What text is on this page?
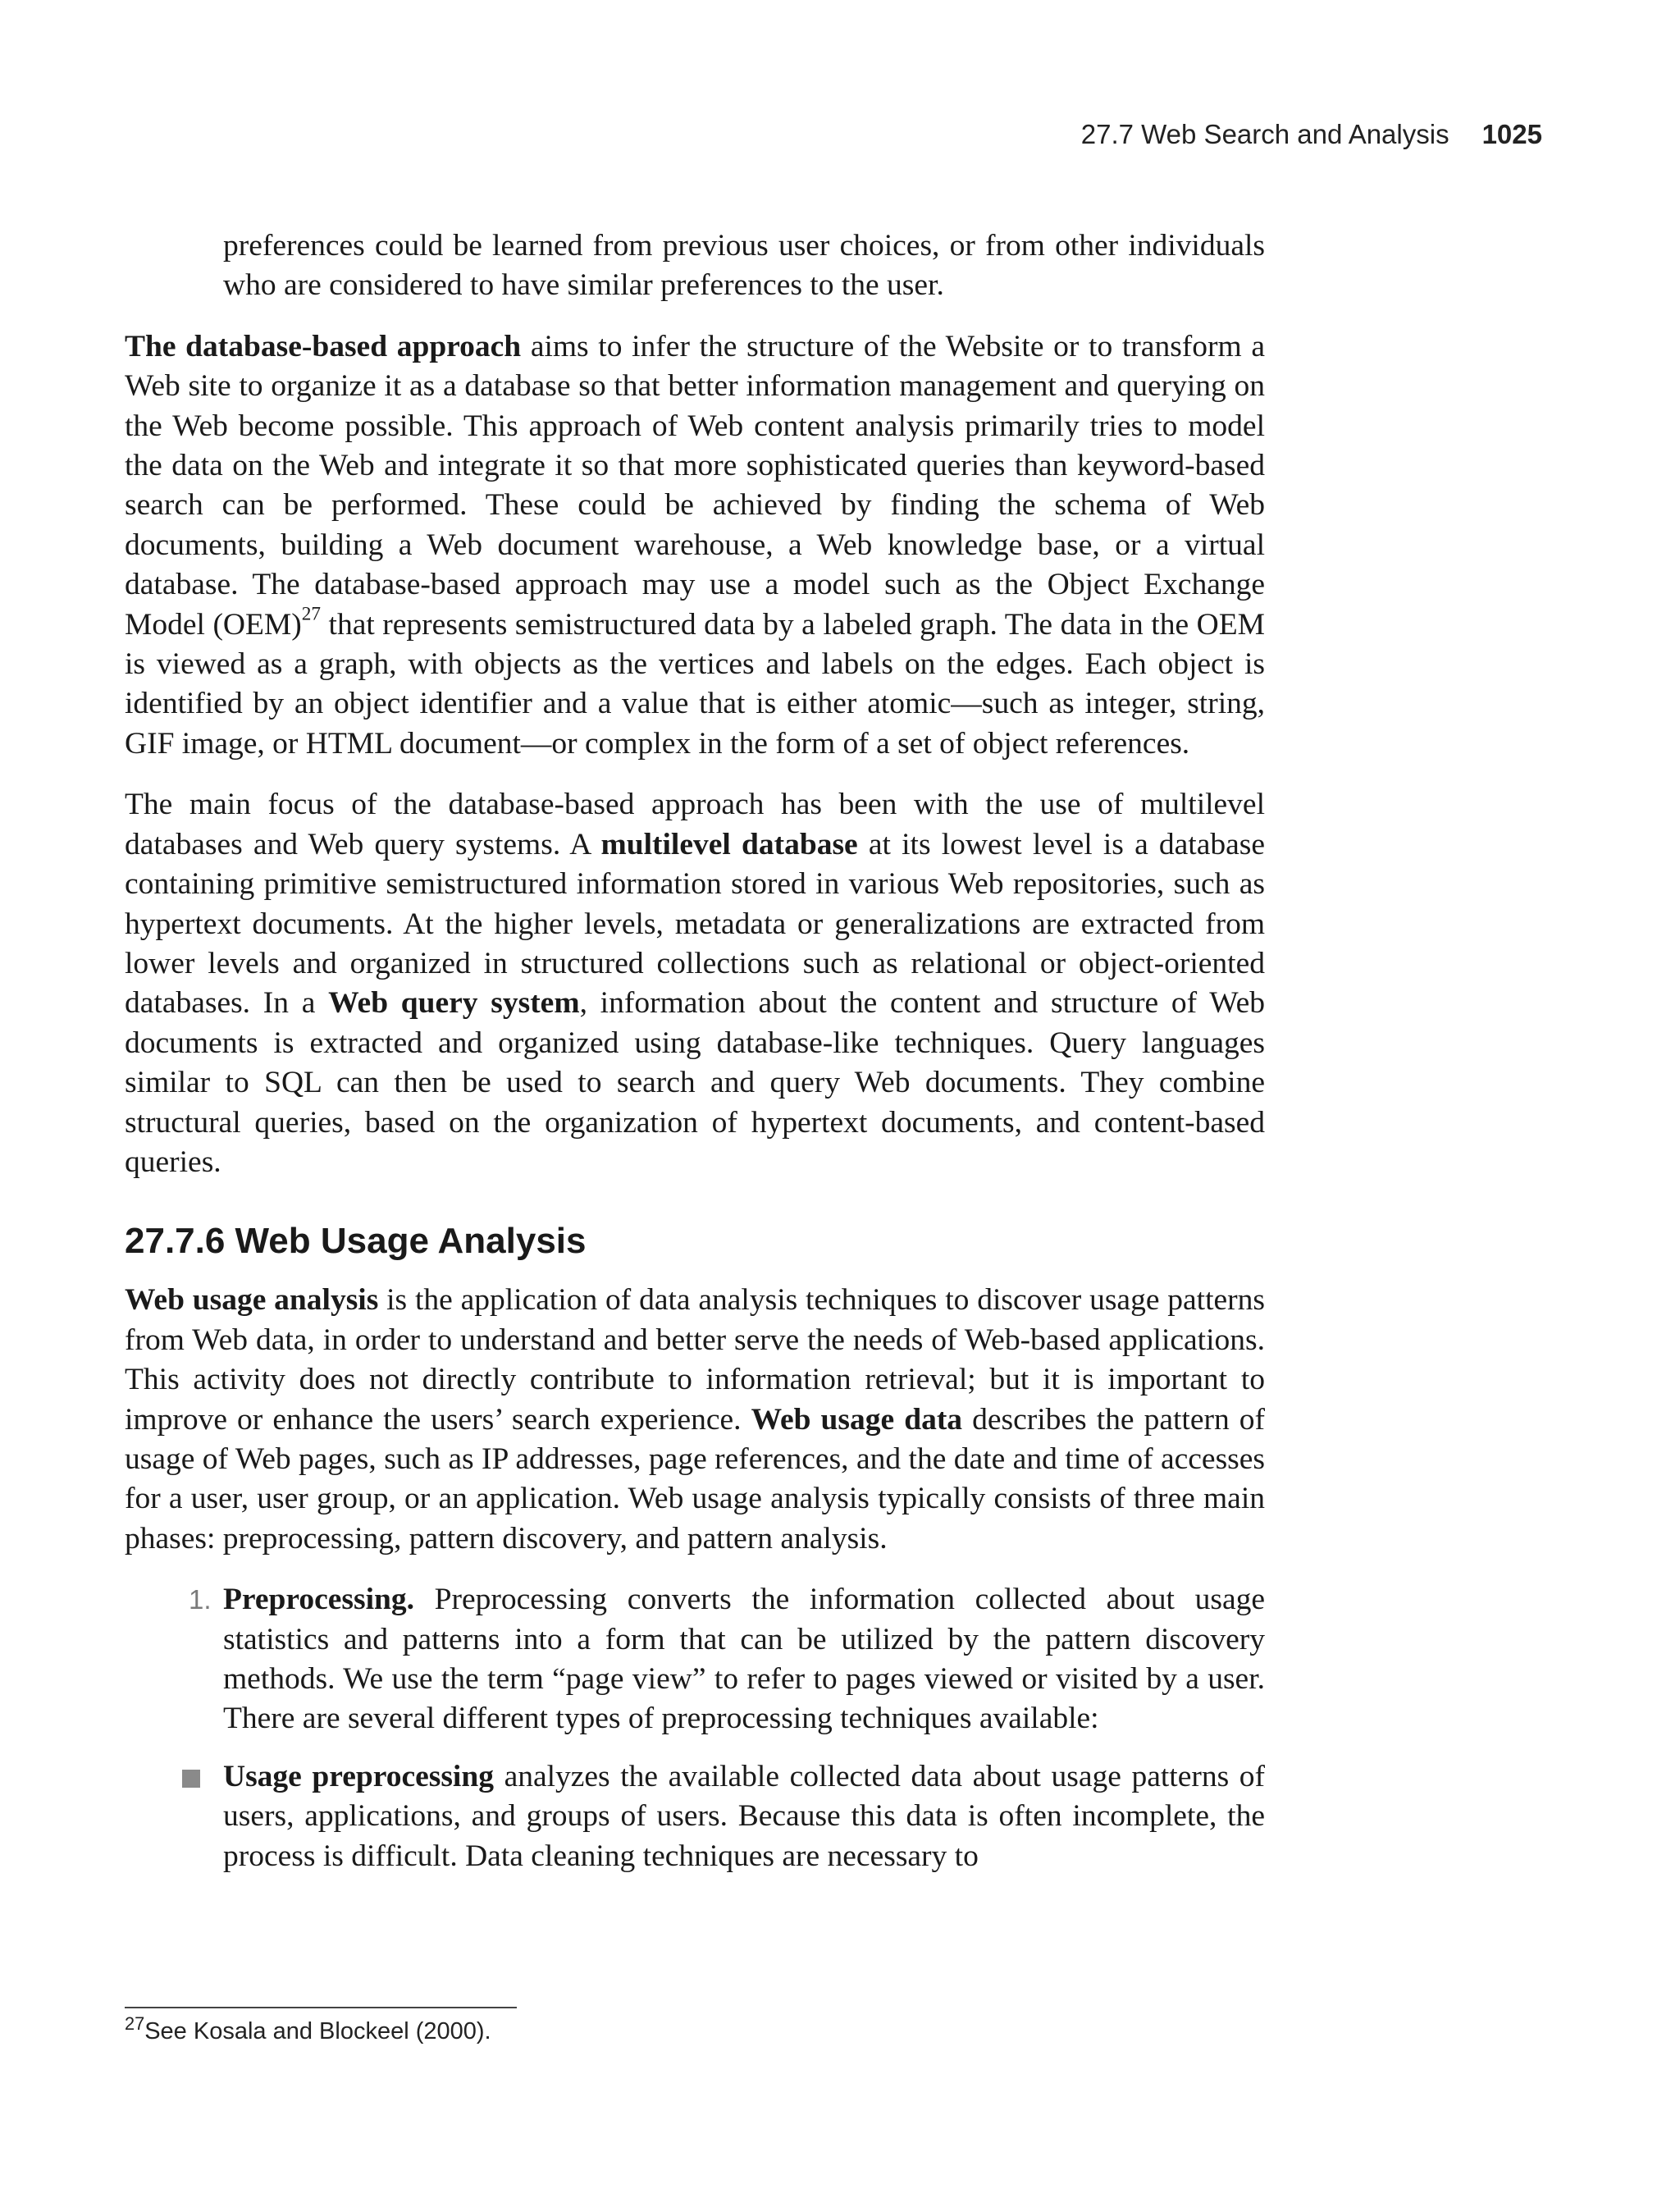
27.7 Web Search and Analysis 1025

preferences could be learned from previous user choices, or from other individuals who are considered to have similar preferences to the user.

The database-based approach aims to infer the structure of the Website or to transform a Web site to organize it as a database so that better information management and querying on the Web become possible. This approach of Web content analysis primarily tries to model the data on the Web and integrate it so that more sophisticated queries than keyword-based search can be performed. These could be achieved by finding the schema of Web documents, building a Web document warehouse, a Web knowledge base, or a virtual database. The database-based approach may use a model such as the Object Exchange Model (OEM)$^{27}$ that represents semistructured data by a labeled graph. The data in the OEM is viewed as a graph, with objects as the vertices and labels on the edges. Each object is identified by an object identifier and a value that is either atomic—such as integer, string, GIF image, or HTML document—or complex in the form of a set of object references.

The main focus of the database-based approach has been with the use of multilevel databases and Web query systems. A multilevel database at its lowest level is a database containing primitive semistructured information stored in various Web repositories, such as hypertext documents. At the higher levels, metadata or generalizations are extracted from lower levels and organized in structured collections such as relational or object-oriented databases. In a Web query system, information about the content and structure of Web documents is extracted and organized using database-like techniques. Query languages similar to SQL can then be used to search and query Web documents. They combine structural queries, based on the organization of hypertext documents, and content-based queries.

27.7.6 Web Usage Analysis

Web usage analysis is the application of data analysis techniques to discover usage patterns from Web data, in order to understand and better serve the needs of Web-based applications. This activity does not directly contribute to information retrieval; but it is important to improve or enhance the users’ search experience. Web usage data describes the pattern of usage of Web pages, such as IP addresses, page references, and the date and time of accesses for a user, user group, or an application. Web usage analysis typically consists of three main phases: preprocessing, pattern discovery, and pattern analysis.

1. Preprocessing. Preprocessing converts the information collected about usage statistics and patterns into a form that can be utilized by the pattern discovery methods. We use the term “page view” to refer to pages viewed or visited by a user. There are several different types of preprocessing techniques available:
Usage preprocessing analyzes the available collected data about usage patterns of users, applications, and groups of users. Because this data is often incomplete, the process is difficult. Data cleaning techniques are necessary to
$^{27}$See Kosala and Blockeel (2000).
